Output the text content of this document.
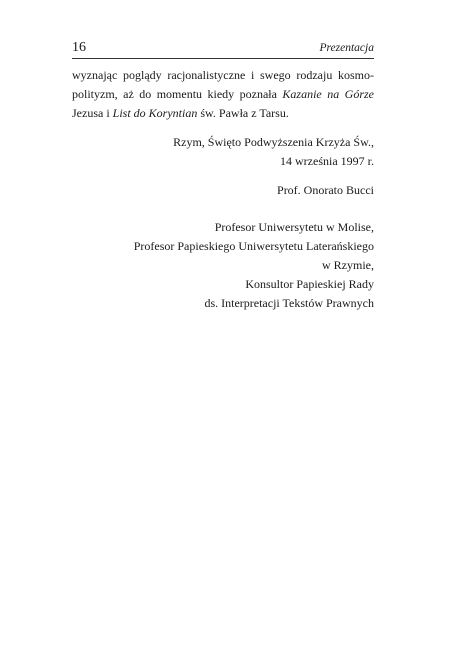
16	Prezentacja
wyznając poglądy racjonalistyczne i swego rodzaju kosmo-
polityzm, aż do momentu kiedy poznała Kazanie na Górze
Jezusa i List do Koryntian św. Pawła z Tarsu.
Rzym, Święto Podwyższenia Krzyża Św.,
14 września 1997 r.
Prof. Onorato Bucci
Profesor Uniwersytetu w Molise,
Profesor Papieskiego Uniwersytetu Laterańskiego
w Rzymie,
Konsultor Papieskiej Rady
ds. Interpretacji Tekstów Prawnych
